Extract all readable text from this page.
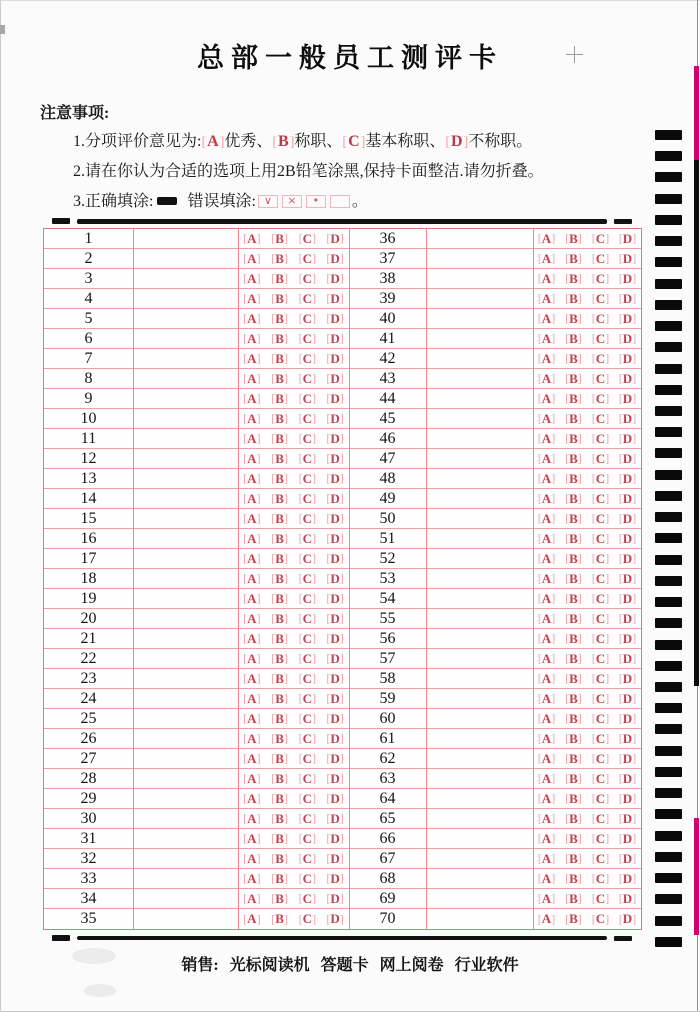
总部一般员工测评卡
注意事项:
1.分项评价意见为:[A]优秀、[B]称职、[C]基本称职、[D]不称职。
2.请在你认为合适的选项上用2B铅笔涂黑,保持卡面整洁.请勿折叠。
3.正确填涂: 错误填涂: ∨ × • 。
1	[ A ] [ B ] [ C ] [ D ]	36	[ A ] [ B ] [ C ] [ D ]
2	[ A ] [ B ] [ C ] [ D ]	37	[ A ] [ B ] [ C ] [ D ]
3	[ A ] [ B ] [ C ] [ D ]	38	[ A ] [ B ] [ C ] [ D ]
4	[ A ] [ B ] [ C ] [ D ]	39	[ A ] [ B ] [ C ] [ D ]
5	[ A ] [ B ] [ C ] [ D ]	40	[ A ] [ B ] [ C ] [ D ]
6	[ A ] [ B ] [ C ] [ D ]	41	[ A ] [ B ] [ C ] [ D ]
7	[ A ] [ B ] [ C ] [ D ]	42	[ A ] [ B ] [ C ] [ D ]
8	[ A ] [ B ] [ C ] [ D ]	43	[ A ] [ B ] [ C ] [ D ]
9	[ A ] [ B ] [ C ] [ D ]	44	[ A ] [ B ] [ C ] [ D ]
10	[ A ] [ B ] [ C ] [ D ]	45	[ A ] [ B ] [ C ] [ D ]
11	[ A ] [ B ] [ C ] [ D ]	46	[ A ] [ B ] [ C ] [ D ]
12	[ A ] [ B ] [ C ] [ D ]	47	[ A ] [ B ] [ C ] [ D ]
13	[ A ] [ B ] [ C ] [ D ]	48	[ A ] [ B ] [ C ] [ D ]
14	[ A ] [ B ] [ C ] [ D ]	49	[ A ] [ B ] [ C ] [ D ]
15	[ A ] [ B ] [ C ] [ D ]	50	[ A ] [ B ] [ C ] [ D ]
16	[ A ] [ B ] [ C ] [ D ]	51	[ A ] [ B ] [ C ] [ D ]
17	[ A ] [ B ] [ C ] [ D ]	52	[ A ] [ B ] [ C ] [ D ]
18	[ A ] [ B ] [ C ] [ D ]	53	[ A ] [ B ] [ C ] [ D ]
19	[ A ] [ B ] [ C ] [ D ]	54	[ A ] [ B ] [ C ] [ D ]
20	[ A ] [ B ] [ C ] [ D ]	55	[ A ] [ B ] [ C ] [ D ]
21	[ A ] [ B ] [ C ] [ D ]	56	[ A ] [ B ] [ C ] [ D ]
22	[ A ] [ B ] [ C ] [ D ]	57	[ A ] [ B ] [ C ] [ D ]
23	[ A ] [ B ] [ C ] [ D ]	58	[ A ] [ B ] [ C ] [ D ]
24	[ A ] [ B ] [ C ] [ D ]	59	[ A ] [ B ] [ C ] [ D ]
25	[ A ] [ B ] [ C ] [ D ]	60	[ A ] [ B ] [ C ] [ D ]
26	[ A ] [ B ] [ C ] [ D ]	61	[ A ] [ B ] [ C ] [ D ]
27	[ A ] [ B ] [ C ] [ D ]	62	[ A ] [ B ] [ C ] [ D ]
28	[ A ] [ B ] [ C ] [ D ]	63	[ A ] [ B ] [ C ] [ D ]
29	[ A ] [ B ] [ C ] [ D ]	64	[ A ] [ B ] [ C ] [ D ]
30	[ A ] [ B ] [ C ] [ D ]	65	[ A ] [ B ] [ C ] [ D ]
31	[ A ] [ B ] [ C ] [ D ]	66	[ A ] [ B ] [ C ] [ D ]
32	[ A ] [ B ] [ C ] [ D ]	67	[ A ] [ B ] [ C ] [ D ]
33	[ A ] [ B ] [ C ] [ D ]	68	[ A ] [ B ] [ C ] [ D ]
34	[ A ] [ B ] [ C ] [ D ]	69	[ A ] [ B ] [ C ] [ D ]
35	[ A ] [ B ] [ C ] [ D ]	70	[ A ] [ B ] [ C ] [ D ]
销售: 光标阅读机 答题卡 网上阅卷 行业软件
